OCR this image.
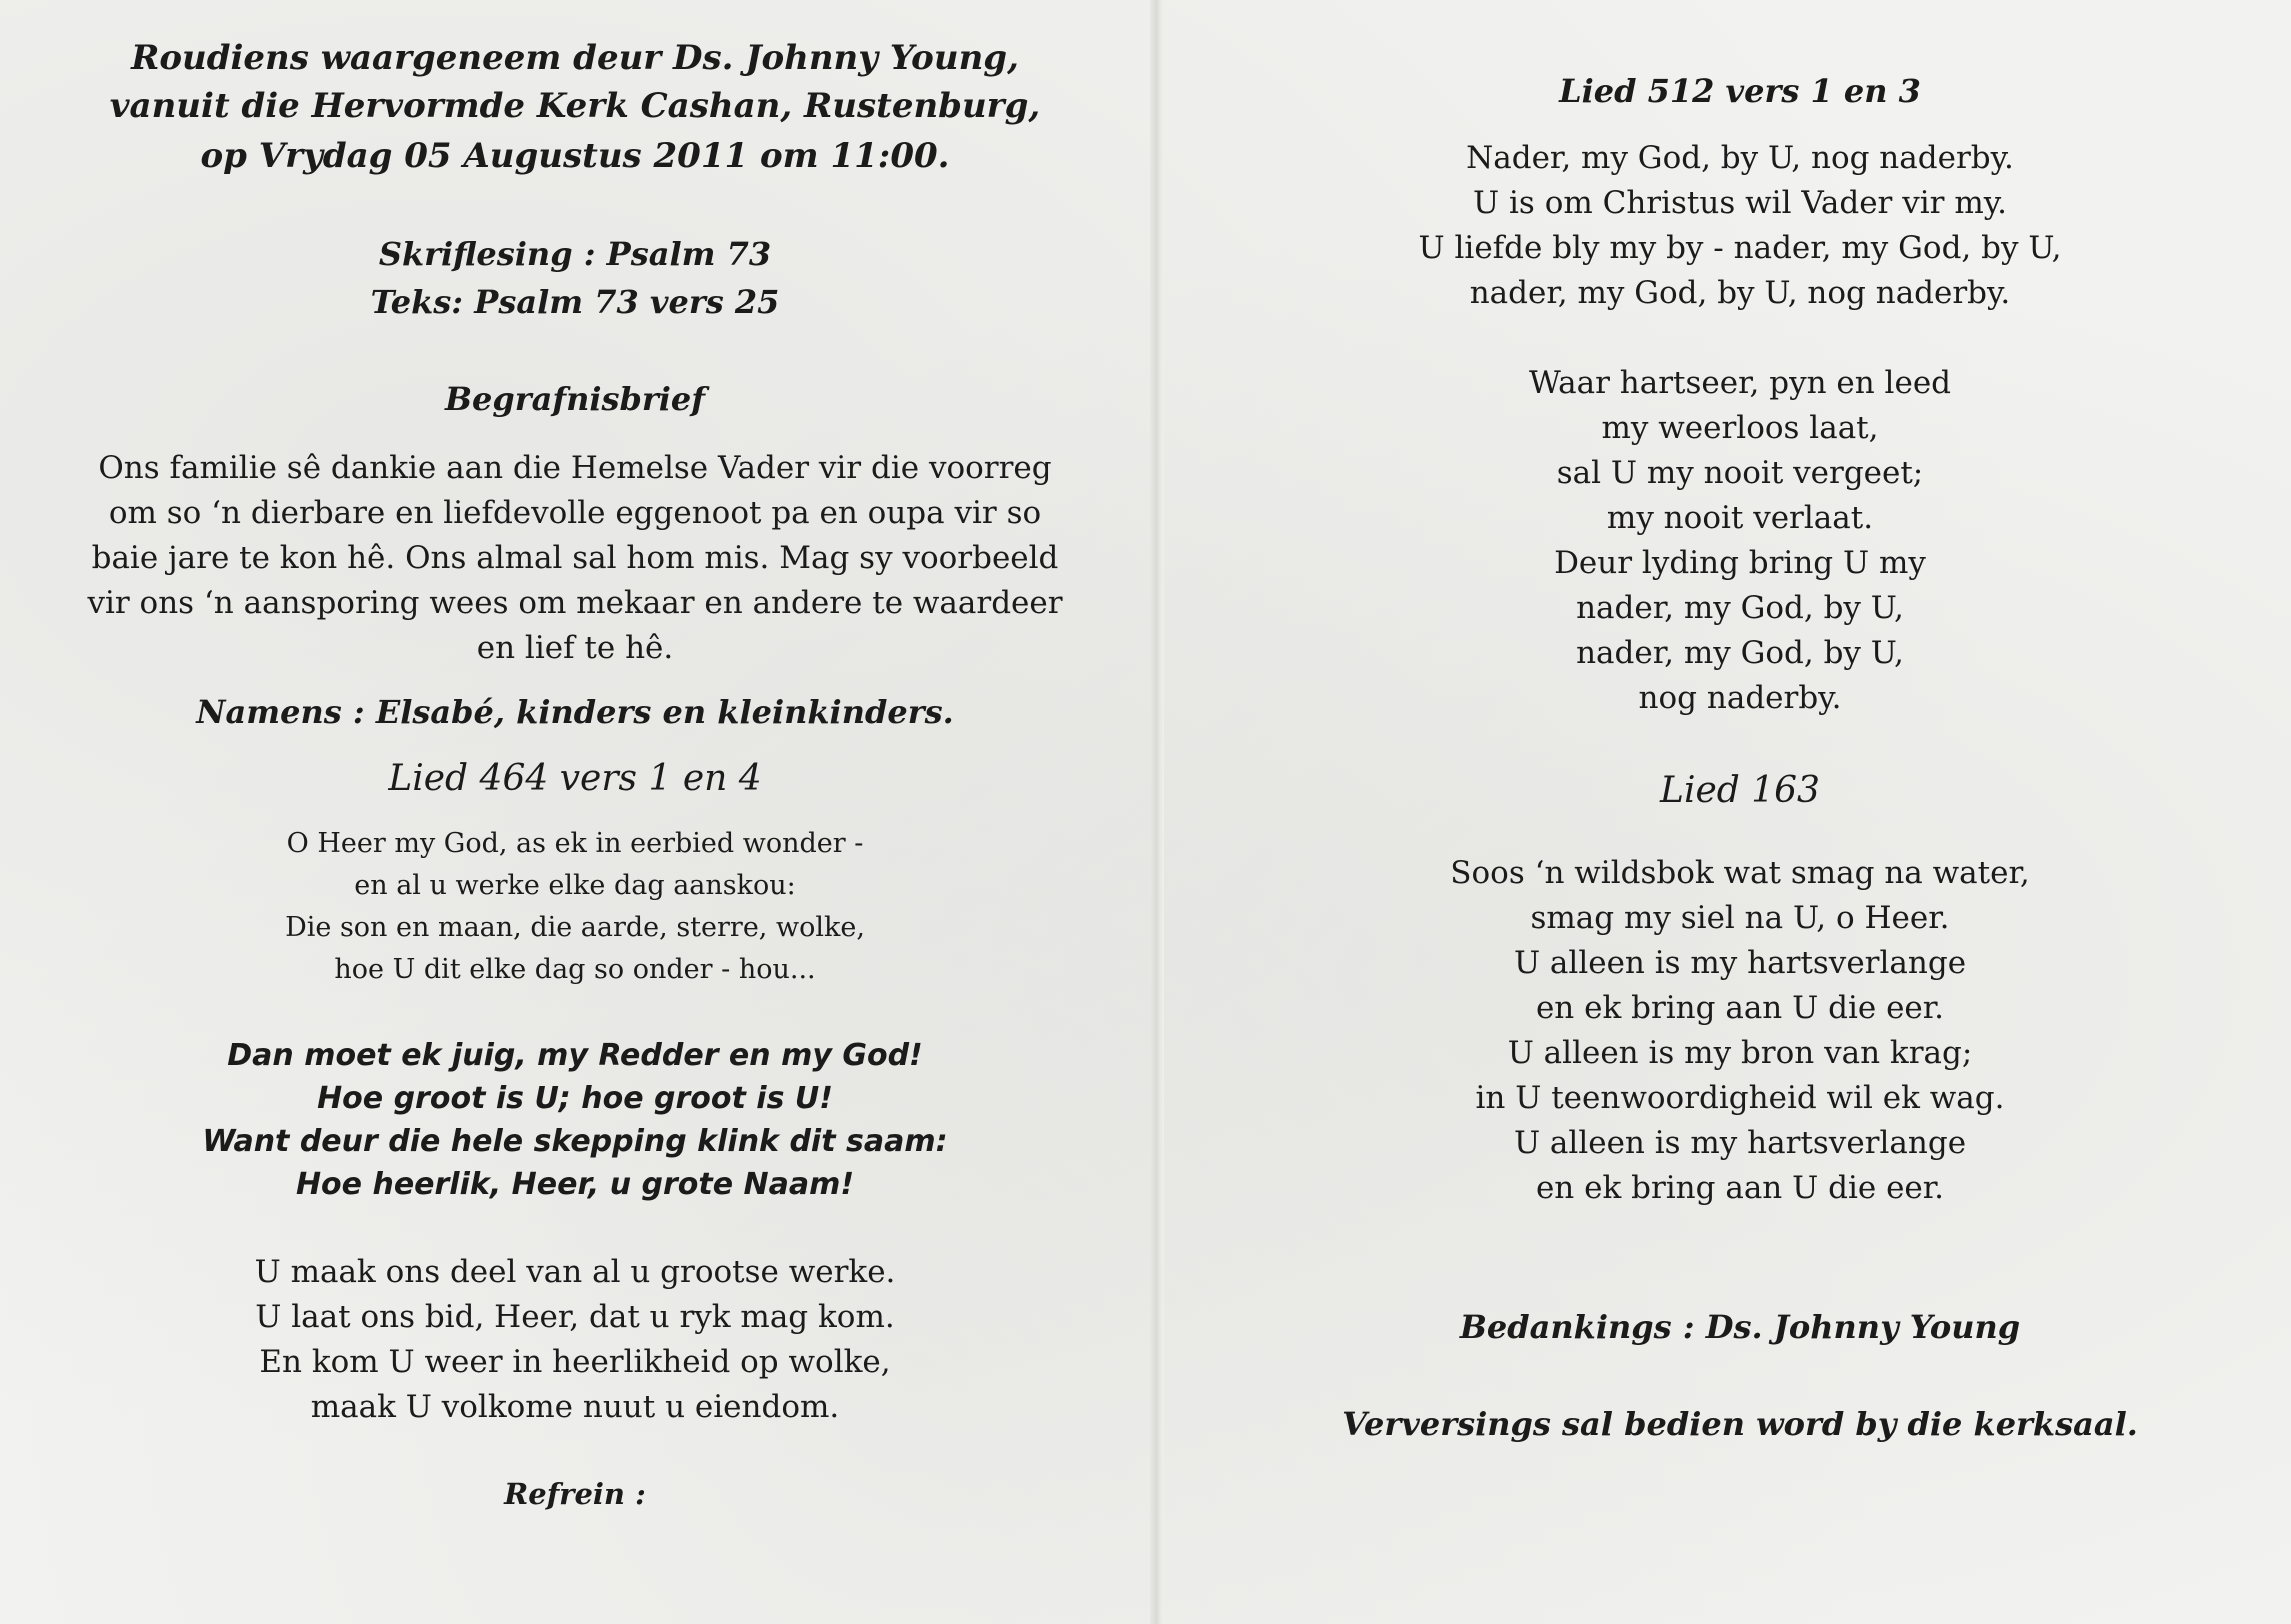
Roudiens waargeneem deur Ds. Johnny Young,
vanuit die Hervormde Kerk Cashan, Rustenburg,
op Vrydag 05 Augustus 2011 om 11:00.
Skriflesing : Psalm 73
Teks: Psalm 73 vers 25
Begrafnisbrief
Ons familie sê dankie aan die Hemelse Vader vir die voorreg
om so ‘n dierbare en liefdevolle eggenoot pa en oupa vir so
baie jare te kon hê. Ons almal sal hom mis. Mag sy voorbeeld
vir ons ‘n aansporing wees om mekaar en andere te waardeer
en lief te hê.
Namens : Elsabé, kinders en kleinkinders.
Lied 464 vers 1 en 4
O Heer my God, as ek in eerbied wonder -
en al u werke elke dag aanskou:
Die son en maan, die aarde, sterre, wolke,
hoe U dit elke dag so onder - hou...
Dan moet ek juig, my Redder en my God!
Hoe groot is U; hoe groot is U!
Want deur die hele skepping klink dit saam:
Hoe heerlik, Heer, u grote Naam!
U maak ons deel van al u grootse werke.
U laat ons bid, Heer, dat u ryk mag kom.
En kom U weer in heerlikheid op wolke,
maak U volkome nuut u eiendom.
Refrein :
Lied 512 vers 1 en 3
Nader, my God, by U, nog naderby.
U is om Christus wil Vader vir my.
U liefde bly my by - nader, my God, by U,
nader, my God, by U, nog naderby.
Waar hartseer, pyn en leed
my weerloos laat,
sal U my nooit vergeet;
my nooit verlaat.
Deur lyding bring U my
nader, my God, by U,
nader, my God, by U,
nog naderby.
Lied 163
Soos ‘n wildsbok wat smag na water,
smag my siel na U, o Heer.
U alleen is my hartsverlange
en ek bring aan U die eer.
U alleen is my bron van krag;
in U teenwoordigheid wil ek wag.
U alleen is my hartsverlange
en ek bring aan U die eer.
Bedankings : Ds. Johnny Young
Verversings sal bedien word by die kerksaal.
